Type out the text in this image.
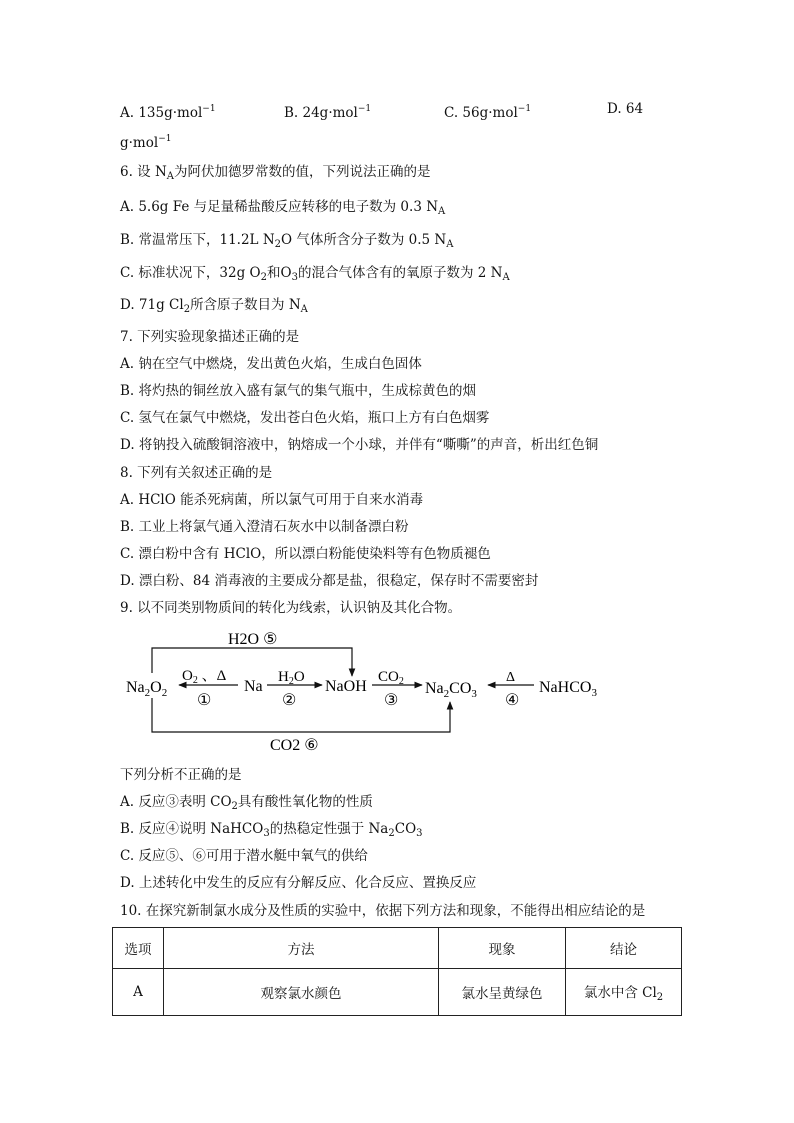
A. 135g·mol$^{-1}$	B. 24g·mol$^{-1}$	C. 56g·mol$^{-1}$	D. 64
g·mol$^{-1}$
6. 设 $N_A$为阿伏加德罗常数的值，下列说法正确的是
A. 5.6g Fe 与足量稀盐酸反应转移的电子数为 0.3 $N_A$
B. 常温常压下，11.2L $N_2O$ 气体所含分子数为 0.5 $N_A$
C. 标准状况下，32g $O_2$和$O_3$的混合气体含有的氧原子数为 2 $N_A$
D. 71g $Cl_2$所含原子数目为 $N_A$
7. 下列实验现象描述正确的是
A. 钠在空气中燃烧，发出黄色火焰，生成白色固体
B. 将灼热的铜丝放入盛有氯气的集气瓶中，生成棕黄色的烟
C. 氢气在氯气中燃烧，发出苍白色火焰，瓶口上方有白色烟雾
D. 将钠投入硫酸铜溶液中，钠熔成一个小球，并伴有“嘶嘶”的声音，析出红色铜
8. 下列有关叙述正确的是
A. HClO 能杀死病菌，所以氯气可用于自来水消毒
B. 工业上将氯气通入澄清石灰水中以制备漂白粉
C. 漂白粉中含有 HClO，所以漂白粉能使染料等有色物质褪色
D. 漂白粉、84 消毒液的主要成分都是盐，很稳定，保存时不需要密封
9. 以不同类别物质间的转化为线索，认识钠及其化合物。
H2O ⑤
$Na_2O_2$	Na	NaOH	$Na_2CO_3$	NaHCO$_3$
$O_2$ 、Δ
①
$H_2O$
②
$CO_2$
③
Δ
④
CO2 ⑥
下列分析不正确的是
A. 反应③表明 $CO_2$具有酸性氧化物的性质
B. 反应④说明 NaHCO$_3$的热稳定性强于 $Na_2CO_3$
C. 反应⑤、⑥可用于潜水艇中氧气的供给
D. 上述转化中发生的反应有分解反应、化合反应、置换反应
10. 在探究新制氯水成分及性质的实验中，依据下列方法和现象，不能得出相应结论的是
选项	方法	现象	结论
A	观察氯水颜色	氯水呈黄绿色	氯水中含 $Cl_2$
